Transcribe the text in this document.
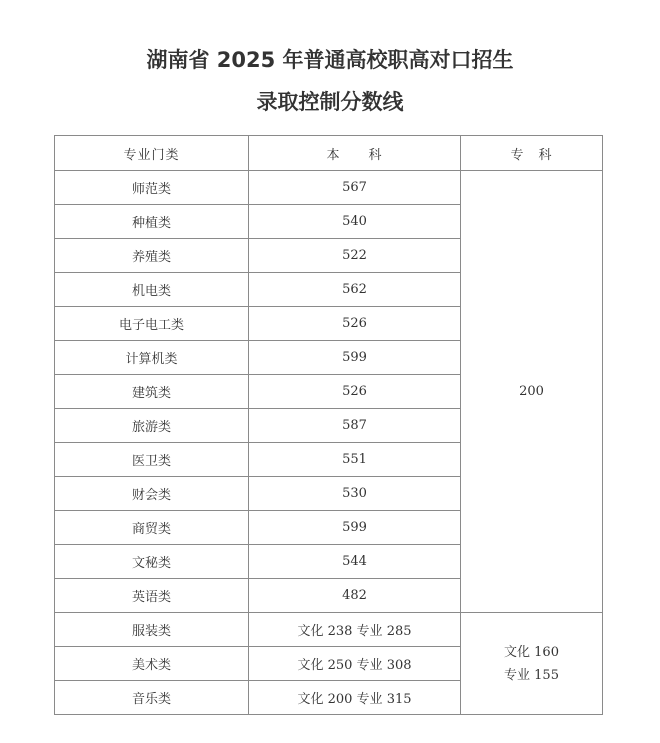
湖南省 2025 年普通高校职高对口招生
录取控制分数线
专业门类	本　　科	专　科
师范类	567	200
种植类	540	
养殖类	522	
机电类	562	
电子电工类	526	
计算机类	599	
建筑类	526	
旅游类	587	
医卫类	551	
财会类	530	
商贸类	599	
文秘类	544	
英语类	482	
服装类	文化 238 专业 285	文化 160
专业 155

美术类	文化 250 专业 308	
音乐类	文化 200 专业 315	
